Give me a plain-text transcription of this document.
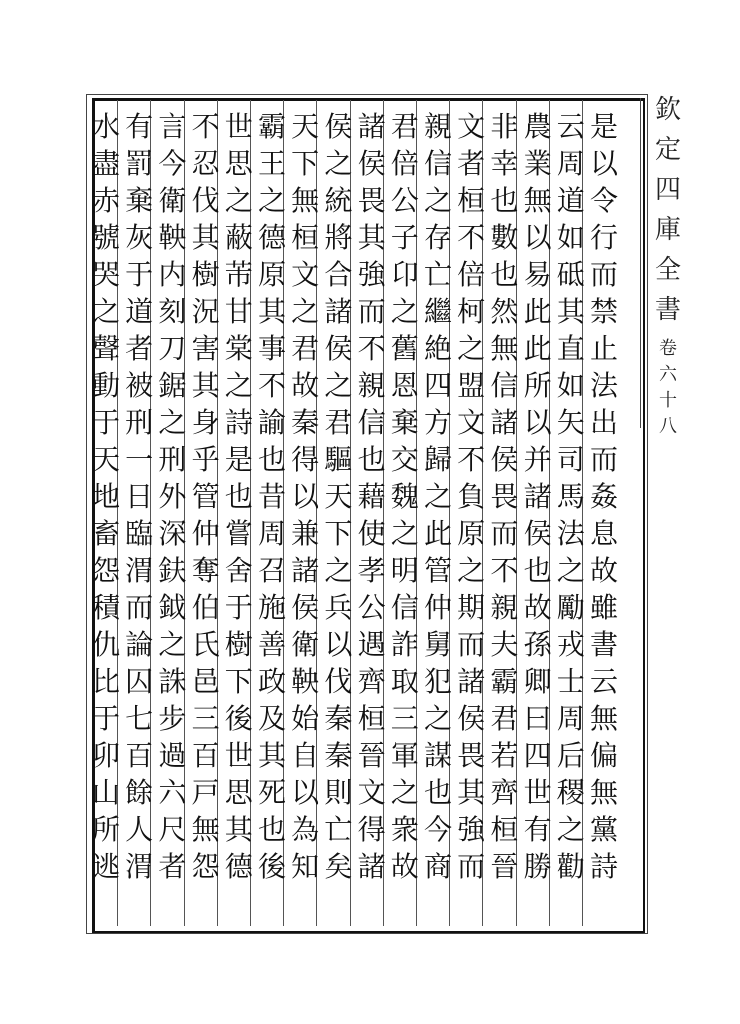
欽
定
四
庫
全
書
卷
六
十
八
是
以
令
行
而
禁
止
法
出
而
姦
息
故
雖
書
云
無
偏
無
黨
詩
云
周
道
如
砥
其
直
如
矢
司
馬
法
之
勵
戎
士
周
后
稷
之
勸
農
業
無
以
易
此
此
所
以
并
諸
侯
也
故
孫
卿
曰
四
世
有
勝
非
幸
也
數
也
然
無
信
諸
侯
畏
而
不
親
夫
霸
君
若
齊
桓
晉
文
者
桓
不
倍
柯
之
盟
文
不
負
原
之
期
而
諸
侯
畏
其
強
而
親
信
之
存
亡
繼
絶
四
方
歸
之
此
管
仲
舅
犯
之
謀
也
今
商
君
倍
公
子
卬
之
舊
恩
棄
交
魏
之
明
信
詐
取
三
軍
之
衆
故
諸
侯
畏
其
強
而
不
親
信
也
藉
使
孝
公
遇
齊
桓
晉
文
得
諸
侯
之
統
將
合
諸
侯
之
君
驅
天
下
之
兵
以
伐
秦
秦
則
亡
矣
天
下
無
桓
文
之
君
故
秦
得
以
兼
諸
侯
衛
鞅
始
自
以
為
知
霸
王
之
德
原
其
事
不
諭
也
昔
周
召
施
善
政
及
其
死
也
後
世
思
之
蔽
芾
甘
棠
之
詩
是
也
嘗
舍
于
樹
下
後
世
思
其
德
不
忍
伐
其
樹
況
害
其
身
乎
管
仲
奪
伯
氏
邑
三
百
戸
無
怨
言
今
衛
鞅
内
刻
刀
鋸
之
刑
外
深
鈇
鉞
之
誅
步
過
六
尺
者
有
罰
棄
灰
于
道
者
被
刑
一
日
臨
渭
而
論
囚
七
百
餘
人
渭
水
盡
赤
號
哭
之
聲
動
于
天
地
畜
怨
積
仇
比
于
卯
山
所
逃
